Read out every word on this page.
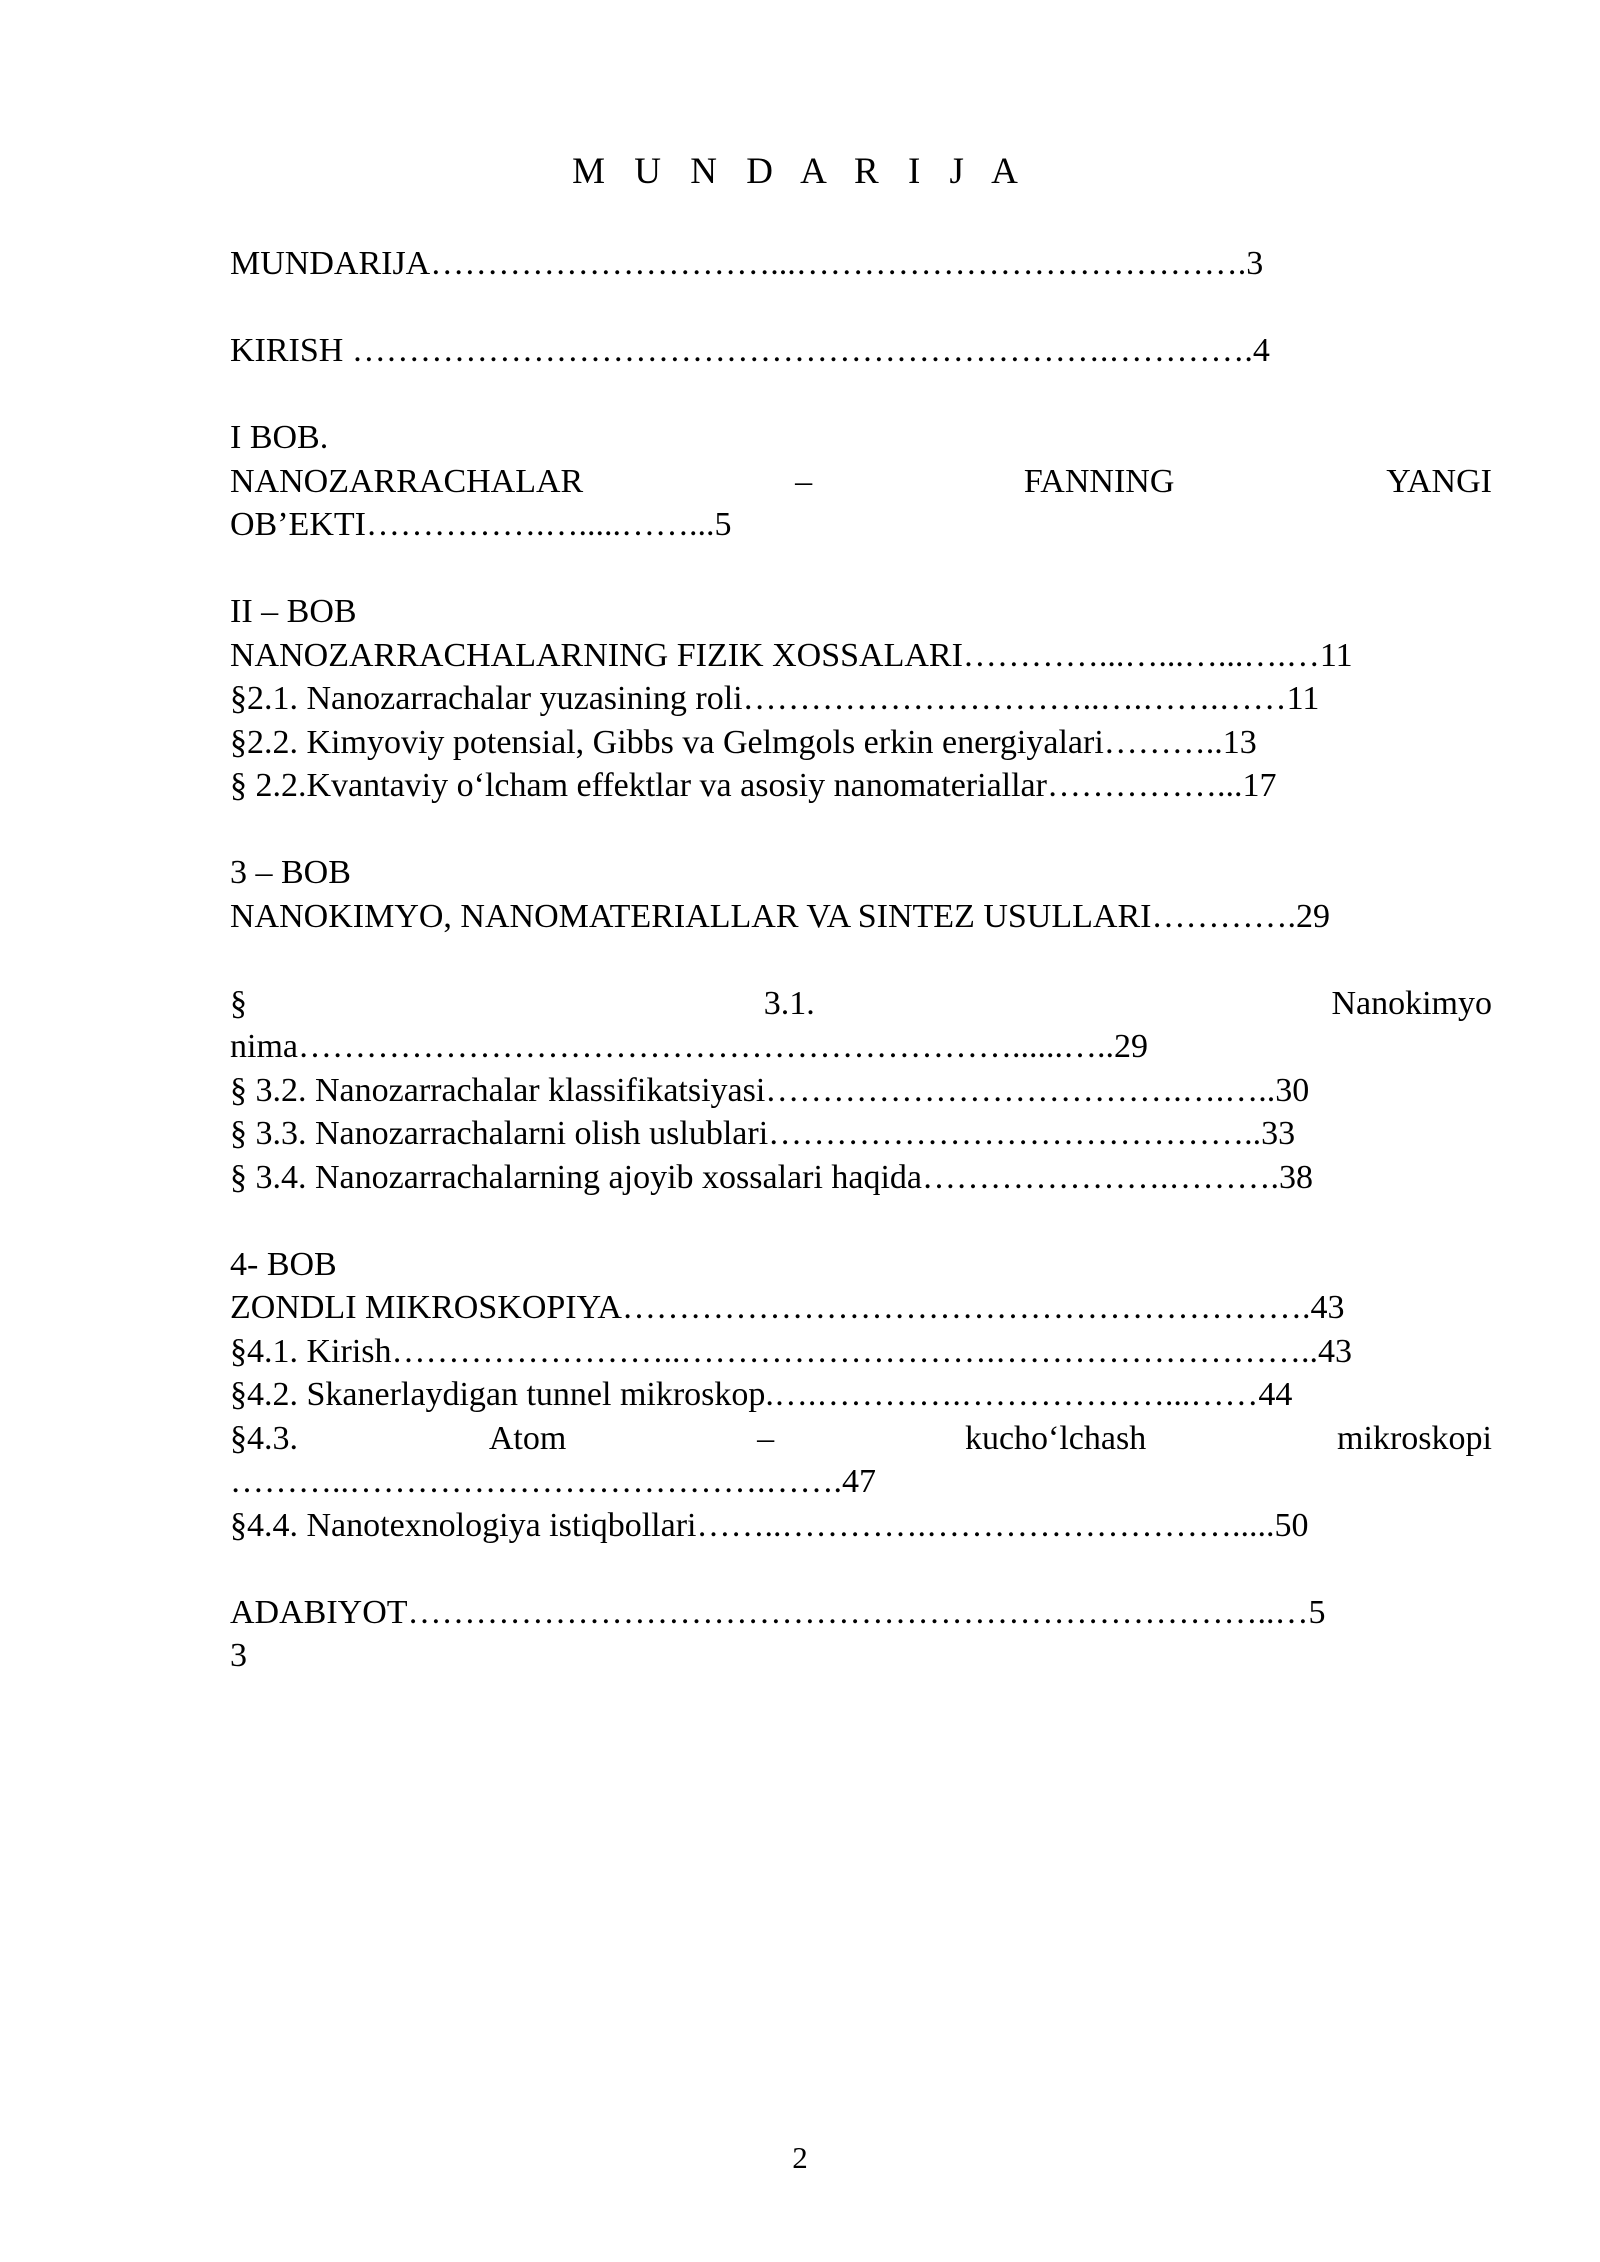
M U N D A R I J A
MUNDARIJA…………………………...………………………………….3
KIRISH ………………………………………………………….………….4
I BOB.
NANOZARRACHALAR	–	FANNING	YANGI
OB’EKTI…………….….....……...5
II – BOB
NANOZARRACHALARNING FIZIK XOSSALARI…………...…...…...….…11
§2.1. Nanozarrachalar yuzasining roli…………………………..….…….……11
§2.2. Kimyoviy potensial, Gibbs va Gelmgols erkin energiyalari………..13
§ 2.2.Kvantaviy oʻlcham effektlar va asosiy nanomateriallar……………...17
3 – BOB
NANOKIMYO, NANOMATERIALLAR VA SINTEZ USULLARI………….29
§	3.1.	Nanokimyo
nima………………………………………………………......…..29
§ 3.2. Nanozarrachalar klassifikatsiyasi……………………………….….…..30
§ 3.3. Nanozarrachalarni olish uslublari……………………………………..33
§ 3.4. Nanozarrachalarning ajoyib xossalari haqida………………….……….38
4- BOB
ZONDLI MIKROSKOPIYA…………………………………………………….43
§4.1. Kirish……………………..……………………….………………………..43
§4.2. Skanerlaydigan tunnel mikroskop.….………….………………...……44
§4.3.	Atom	–	kuchoʻlchash	mikroskopi
………..……………………………….…….47
§4.4. Nanotexnologiya istiqbollari……..………….……………………….....50
ADABIYOT…………………………………………………………………..…5
3
2
